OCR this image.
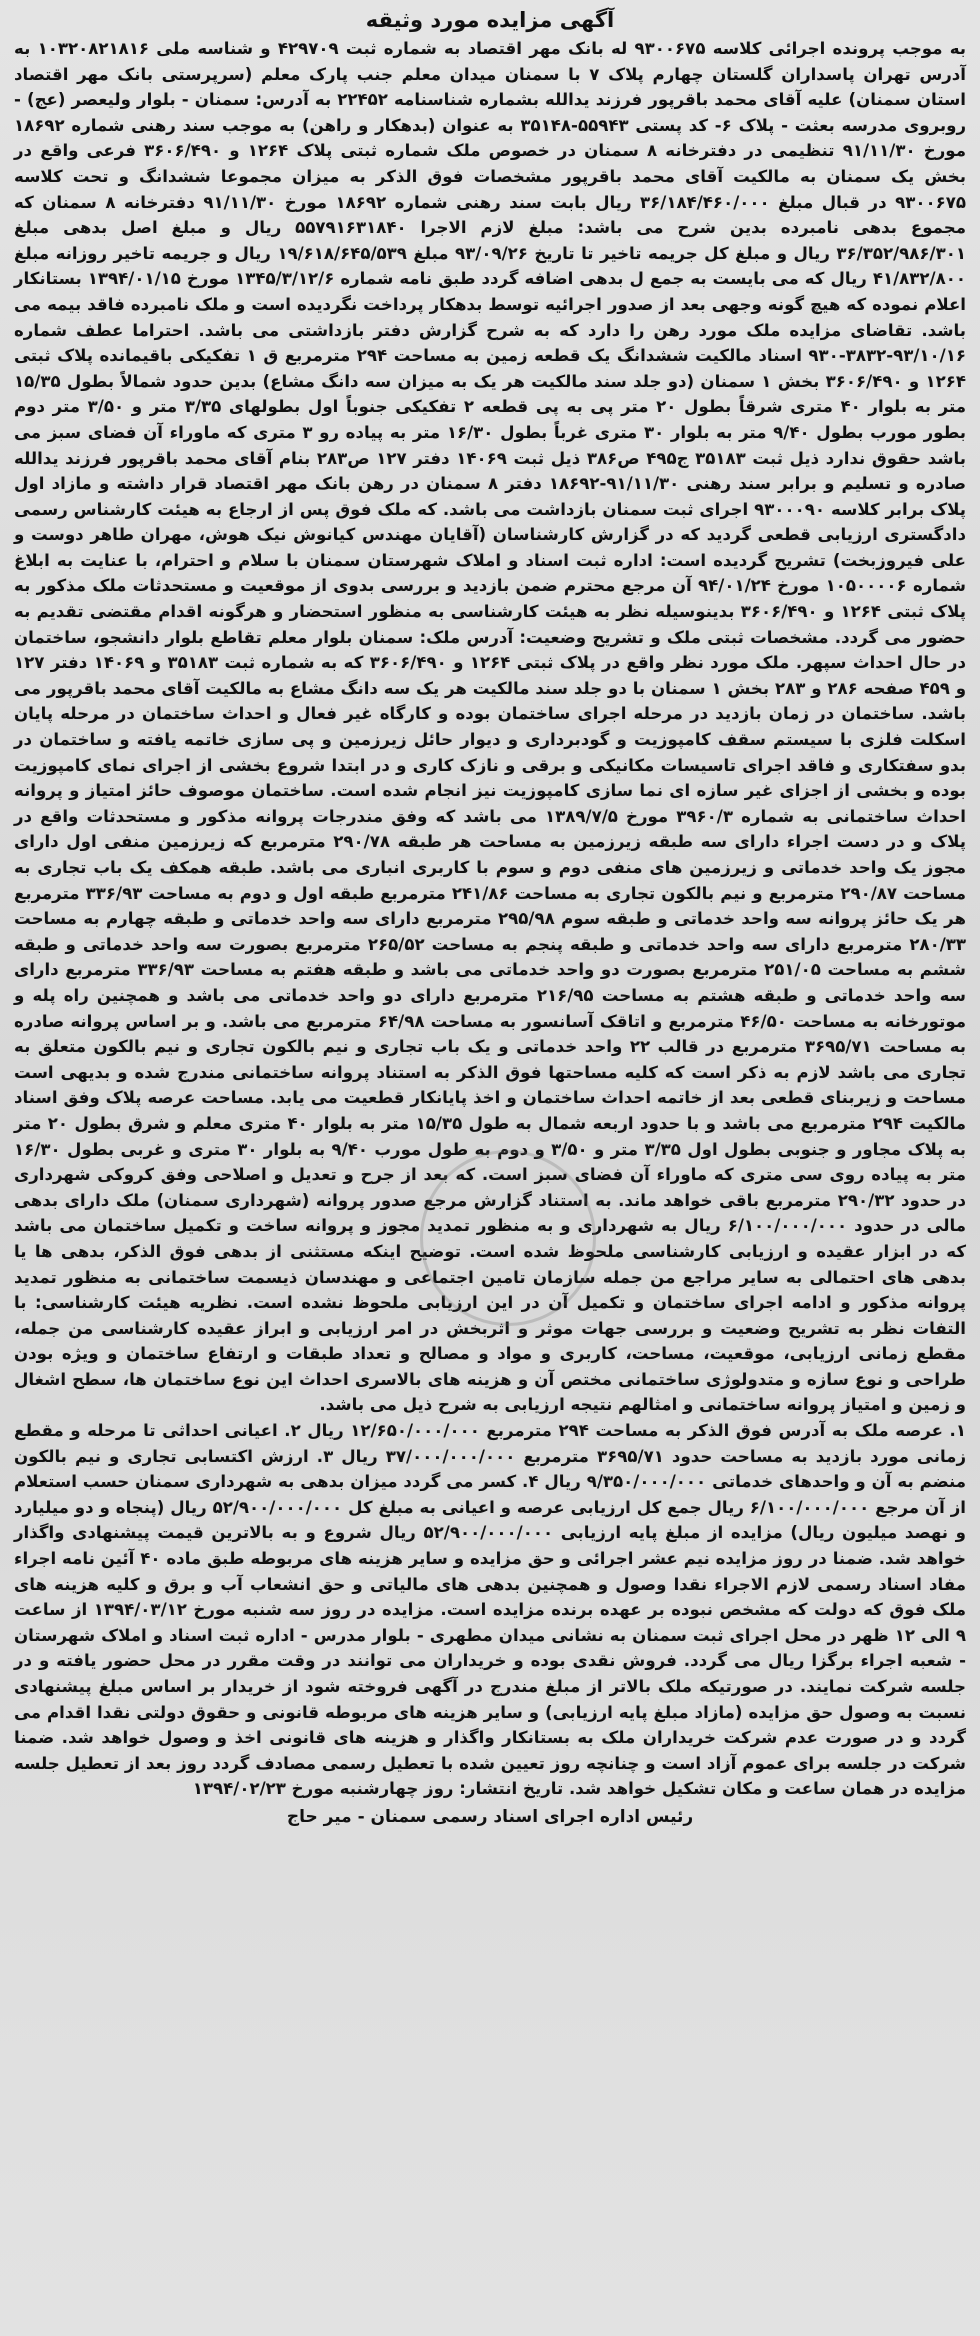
آگهی مزایده مورد وثیقه

به موجب پرونده اجرائی کلاسه ۹۳۰۰۶۷۵ له بانک مهر اقتصاد به شماره ثبت ۴۲۹۷۰۹ و شناسه ملی ۱۰۳۲۰۸۲۱۸۱۶ به آدرس تهران پاسداران گلستان چهارم پلاک ۷ با سمنان میدان معلم جنب پارک معلم (سرپرستی بانک مهر اقتصاد استان سمنان) علیه آقای محمد باقرپور فرزند یدالله بشماره شناسنامه ۲۲۴۵۲ به آدرس: سمنان - بلوار ولیعصر (عج) - روبروی مدرسه بعثت - پلاک ۶- کد پستی ۵۵۹۴۳-۳۵۱۴۸ به عنوان (بدهکار و راهن) به موجب سند رهنی شماره ۱۸۶۹۲ مورخ ۹۱/۱۱/۳۰ تنظیمی در دفترخانه ۸ سمنان در خصوص ملک شماره ثبتی پلاک ۱۲۶۴ و ۳۶۰۶/۴۹۰ فرعی واقع در بخش یک سمنان به مالکیت آقای محمد باقرپور مشخصات فوق الذکر به میزان مجموعا ششدانگ و تحت کلاسه ۹۳۰۰۶۷۵ در قبال مبلغ ۳۶/۱۸۴/۴۶۰/۰۰۰ ریال بابت سند رهنی شماره ۱۸۶۹۲ مورخ ۹۱/۱۱/۳۰ دفترخانه ۸ سمنان که مجموع بدهی نامبرده بدین شرح می باشد: مبلغ لازم الاجرا ۵۵۷۹۱۶۳۱۸۴۰ ریال و مبلغ اصل بدهی مبلغ ۳۶/۳۵۲/۹۸۶/۳۰۱ ریال و مبلغ کل جریمه تاخیر تا تاریخ ۹۳/۰۹/۲۶ مبلغ ۱۹/۶۱۸/۶۴۵/۵۳۹ ریال و جریمه تاخیر روزانه مبلغ ۴۱/۸۳۲/۸۰۰ ریال که می بایست به جمع ل بدهی اضافه گردد طبق نامه شماره ۱۳۴۵/۳/۱۲/۶ مورخ ۱۳۹۴/۰۱/۱۵ بستانکار اعلام نموده که هیچ گونه وجهی بعد از صدور اجرائیه توسط بدهکار پرداخت نگردیده است و ملک نامبرده فاقد بیمه می باشد. تقاضای مزایده ملک مورد رهن را دارد که به شرح گزارش دفتر بازداشتی می باشد. احتراما عطف شماره ۹۳/۱۰/۱۶-۳۸۳۲-۹۳۰ اسناد مالکیت ششدانگ یک قطعه زمین به مساحت ۲۹۴ مترمربع ق ۱ تفکیکی باقیمانده پلاک ثبتی ۱۲۶۴ و ۳۶۰۶/۴۹۰ بخش ۱ سمنان (دو جلد سند مالکیت هر یک به میزان سه دانگ مشاع) بدین حدود شمالاً بطول ۱۵/۳۵ متر به بلوار ۴۰ متری شرقاً بطول ۲۰ متر پی به پی قطعه ۲ تفکیکی جنوباً اول بطولهای ۳/۳۵ متر و ۳/۵۰ متر دوم بطور مورب بطول ۹/۴۰ متر به بلوار ۳۰ متری غرباً بطول ۱۶/۳۰ متر به پیاده رو ۳ متری که ماوراء آن فضای سبز می باشد حقوق ندارد ذیل ثبت ۳۵۱۸۳ ج۴۹۵ ص۳۸۶ ذیل ثبت ۱۴۰۶۹ دفتر ۱۲۷ ص۲۸۳ بنام آقای محمد باقرپور فرزند یدالله صادره و تسلیم و برابر سند رهنی ۹۱/۱۱/۳۰-۱۸۶۹۲ دفتر ۸ سمنان در رهن بانک مهر اقتصاد قرار داشته و مازاد اول پلاک برابر کلاسه ۹۳۰۰۰۹۰ اجرای ثبت سمنان بازداشت می باشد. که ملک فوق پس از ارجاع به هیئت کارشناس رسمی دادگستری ارزیابی قطعی گردید که در گزارش کارشناسان (آقایان مهندس کیانوش نیک هوش، مهران طاهر دوست و علی فیروزبخت) تشریح گردیده است: اداره ثبت اسناد و املاک شهرستان سمنان با سلام و احترام، با عنایت به ابلاغ شماره ۱۰۵۰۰۰۰۶ مورخ ۹۴/۰۱/۲۴ آن مرجع محترم ضمن بازدید و بررسی بدوی از موقعیت و مستحدثات ملک مذکور به پلاک ثبتی ۱۲۶۴ و ۳۶۰۶/۴۹۰ بدینوسیله نظر به هیئت کارشناسی به منظور استحضار و هرگونه اقدام مقتضی تقدیم به حضور می گردد. مشخصات ثبتی ملک و تشریح وضعیت: آدرس ملک: سمنان بلوار معلم تقاطع بلوار دانشجو، ساختمان در حال احداث سپهر. ملک مورد نظر واقع در پلاک ثبتی ۱۲۶۴ و ۳۶۰۶/۴۹۰ که به شماره ثبت ۳۵۱۸۳ و ۱۴۰۶۹ دفتر ۱۲۷ و ۴۵۹ صفحه ۲۸۶ و ۲۸۳ بخش ۱ سمنان با دو جلد سند مالکیت هر یک سه دانگ مشاع به مالکیت آقای محمد باقرپور می باشد. ساختمان در زمان بازدید در مرحله اجرای ساختمان بوده و کارگاه غیر فعال و احداث ساختمان در مرحله پایان اسکلت فلزی با سیستم سقف کامپوزیت و گودبرداری و دیوار حائل زیرزمین و پی سازی خاتمه یافته و ساختمان در بدو سفتکاری و فاقد اجرای تاسیسات مکانیکی و برقی و نازک کاری و در ابتدا شروع بخشی از اجرای نمای کامپوزیت بوده و بخشی از اجزای غیر سازه ای نما سازی کامپوزیت نیز انجام شده است. ساختمان موصوف حائز امتیاز و پروانه احداث ساختمانی به شماره ۳۹۶۰/۳ مورخ ۱۳۸۹/۷/۵ می باشد که وفق مندرجات پروانه مذکور و مستحدثات واقع در پلاک و در دست اجراء دارای سه طبقه زیرزمین به مساحت هر طبقه ۲۹۰/۷۸ مترمربع که زیرزمین منفی اول دارای مجوز یک واحد خدماتی و زیرزمین های منفی دوم و سوم با کاربری انباری می باشد. طبقه همکف یک باب تجاری به مساحت ۲۹۰/۸۷ مترمربع و نیم بالکون تجاری به مساحت ۲۴۱/۸۶ مترمربع طبقه اول و دوم به مساحت ۳۳۶/۹۳ مترمربع هر یک حائز پروانه سه واحد خدماتی و طبقه سوم ۲۹۵/۹۸ مترمربع دارای سه واحد خدماتی و طبقه چهارم به مساحت ۲۸۰/۳۳ مترمربع دارای سه واحد خدماتی و طبقه پنجم به مساحت ۲۶۵/۵۲ مترمربع بصورت سه واحد خدماتی و طبقه ششم به مساحت ۲۵۱/۰۵ مترمربع بصورت دو واحد خدماتی می باشد و طبقه هفتم به مساحت ۳۳۶/۹۳ مترمربع دارای سه واحد خدماتی و طبقه هشتم به مساحت ۲۱۶/۹۵ مترمربع دارای دو واحد خدماتی می باشد و همچنین راه پله و موتورخانه به مساحت ۴۶/۵۰ مترمربع و اتاقک آسانسور به مساحت ۶۴/۹۸ مترمربع می باشد. و بر اساس پروانه صادره به مساحت ۳۶۹۵/۷۱ مترمربع در قالب ۲۲ واحد خدماتی و یک باب تجاری و نیم بالکون تجاری و نیم بالکون متعلق به تجاری می باشد لازم به ذکر است که کلیه مساحتها فوق الذکر به استناد پروانه ساختمانی مندرج شده و بدیهی است مساحت و زیربنای قطعی بعد از خاتمه احداث ساختمان و اخذ پایانکار قطعیت می یابد. مساحت عرصه پلاک وفق اسناد مالکیت ۲۹۴ مترمربع می باشد و با حدود اربعه شمال به طول ۱۵/۳۵ متر به بلوار ۴۰ متری معلم و شرق بطول ۲۰ متر به پلاک مجاور و جنوبی بطول اول ۳/۳۵ متر و ۳/۵۰ و دوم به طول مورب ۹/۴۰ به بلوار ۳۰ متری و غربی بطول ۱۶/۳۰ متر به پیاده روی سی متری که ماوراء آن فضای سبز است. که بعد از جرح و تعدیل و اصلاحی وفق کروکی شهرداری در حدود ۲۹۰/۳۲ مترمربع باقی خواهد ماند. به استناد گزارش مرجع صدور پروانه (شهرداری سمنان) ملک دارای بدهی مالی در حدود ۶/۱۰۰/۰۰۰/۰۰۰ ریال به شهرداری و به منظور تمدید مجوز و پروانه ساخت و تکمیل ساختمان می باشد که در ابزار عقیده و ارزیابی کارشناسی ملحوظ شده است. توضیح اینکه مستثنی از بدهی فوق الذکر، بدهی ها یا بدهی های احتمالی به سایر مراجع من جمله سازمان تامین اجتماعی و مهندسان ذیسمت ساختمانی به منظور تمدید پروانه مذکور و ادامه اجرای ساختمان و تکمیل آن در این ارزیابی ملحوظ نشده است. نظریه هیئت کارشناسی: با التفات نظر به تشریح وضعیت و بررسی جهات موثر و اثربخش در امر ارزیابی و ابراز عقیده کارشناسی من جمله، مقطع زمانی ارزیابی، موقعیت، مساحت، کاربری و مواد و مصالح و تعداد طبقات و ارتفاع ساختمان و ویژه بودن طراحی و نوع سازه و متدولوژی ساختمانی مختص آن و هزینه های بالاسری احداث این نوع ساختمان ها، سطح اشغال و زمین و امتیاز پروانه ساختمانی و امثالهم نتیجه ارزیابی به شرح ذیل می باشد.

۱. عرصه ملک به آدرس فوق الذکر به مساحت ۲۹۴ مترمربع ۱۲/۶۵۰/۰۰۰/۰۰۰ ریال ۲. اعیانی احداثی تا مرحله و مقطع زمانی مورد بازدید به مساحت حدود ۳۶۹۵/۷۱ مترمربع ۳۷/۰۰۰/۰۰۰/۰۰۰ ریال ۳. ارزش اکتسابی تجاری و نیم بالکون منضم به آن و واحدهای خدماتی ۹/۳۵۰/۰۰۰/۰۰۰ ریال ۴. کسر می گردد میزان بدهی به شهرداری سمنان حسب استعلام از آن مرجع ۶/۱۰۰/۰۰۰/۰۰۰ ریال جمع کل ارزیابی عرصه و اعیانی به مبلغ کل ۵۲/۹۰۰/۰۰۰/۰۰۰ ریال (پنجاه و دو میلیارد و نهصد میلیون ریال) مزایده از مبلغ پایه ارزیابی ۵۲/۹۰۰/۰۰۰/۰۰۰ ریال شروع و به بالاترین قیمت پیشنهادی واگذار خواهد شد. ضمنا در روز مزایده نیم عشر اجرائی و حق مزایده و سایر هزینه های مربوطه طبق ماده ۴۰ آئین نامه اجراء مفاد اسناد رسمی لازم الاجراء نقدا وصول و همچنین بدهی های مالیاتی و حق انشعاب آب و برق و کلیه هزینه های ملک فوق که دولت که مشخص نبوده بر عهده برنده مزایده است. مزایده در روز سه شنبه مورخ ۱۳۹۴/۰۳/۱۲ از ساعت ۹ الی ۱۲ ظهر در محل اجرای ثبت سمنان به نشانی میدان مطهری - بلوار مدرس - اداره ثبت اسناد و املاک شهرستان - شعبه اجراء برگزا ریال می گردد. فروش نقدی بوده و خریداران می توانند در وقت مقرر در محل حضور یافته و در جلسه شرکت نمایند. در صورتیکه ملک بالاتر از مبلغ مندرج در آگهی فروخته شود از خریدار بر اساس مبلغ پیشنهادی نسبت به وصول حق مزایده (مازاد مبلغ پایه ارزیابی) و سایر هزینه های مربوطه قانونی و حقوق دولتی نقدا اقدام می گردد و در صورت عدم شرکت خریداران ملک به بستانکار واگذار و هزینه های قانونی اخذ و وصول خواهد شد. ضمنا شرکت در جلسه برای عموم آزاد است و چنانچه روز تعیین شده با تعطیل رسمی مصادف گردد روز بعد از تعطیل جلسه مزایده در همان ساعت و مکان تشکیل خواهد شد. تاریخ انتشار: روز چهارشنبه مورخ ۱۳۹۴/۰۲/۲۳

رئیس اداره اجرای اسناد رسمی سمنان - میر حاج
